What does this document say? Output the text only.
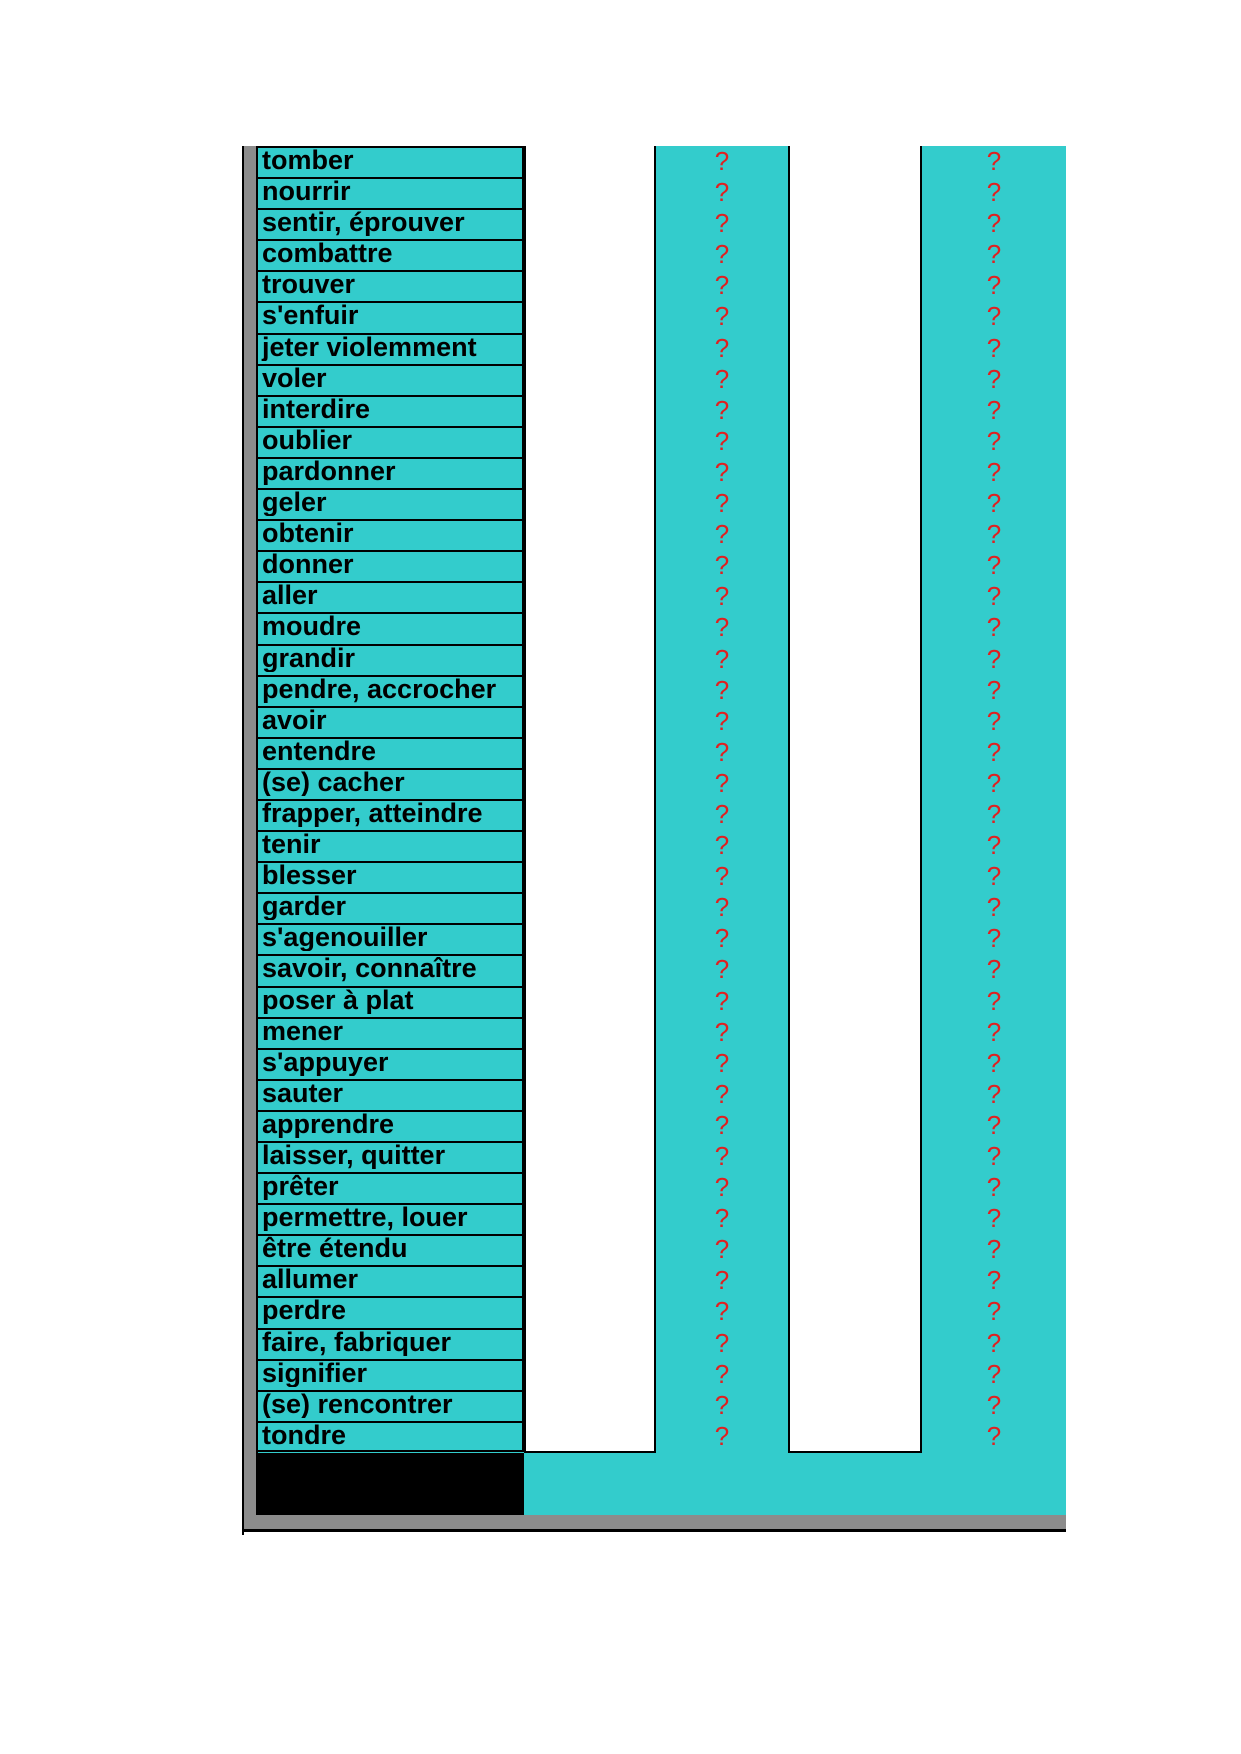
tomber
nourrir
sentir, éprouver
combattre
trouver
s'enfuir
jeter violemment
voler
interdire
oublier
pardonner
geler
obtenir
donner
aller
moudre
grandir
pendre, accrocher
avoir
entendre
(se) cacher
frapper, atteindre
tenir
blesser
garder
s'agenouiller
savoir, connaître
poser à plat
mener
s'appuyer
sauter
apprendre
laisser, quitter
prêter
permettre, louer
être étendu
allumer
perdre
faire, fabriquer
signifier
(se) rencontrer
tondre
?
?
?
?
?
?
?
?
?
?
?
?
?
?
?
?
?
?
?
?
?
?
?
?
?
?
?
?
?
?
?
?
?
?
?
?
?
?
?
?
?
?
?
?
?
?
?
?
?
?
?
?
?
?
?
?
?
?
?
?
?
?
?
?
?
?
?
?
?
?
?
?
?
?
?
?
?
?
?
?
?
?
?
?
